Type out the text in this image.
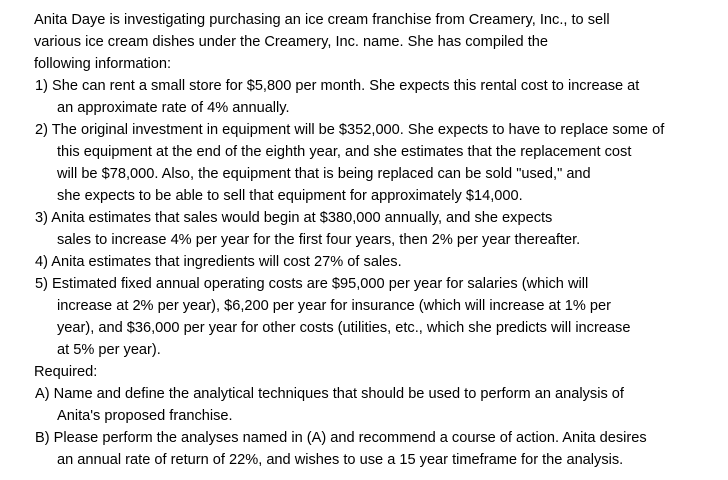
Anita Daye is investigating purchasing an ice cream franchise from Creamery, Inc., to sell
various ice cream dishes under the Creamery, Inc. name. She has compiled the
following information:
1) She can rent a small store for $5,800 per month. She expects this rental cost to increase at
an approximate rate of 4% annually.
2) The original investment in equipment will be $352,000. She expects to have to replace some of
this equipment at the end of the eighth year, and she estimates that the replacement cost
will be $78,000. Also, the equipment that is being replaced can be sold "used," and
she expects to be able to sell that equipment for approximately $14,000.
3) Anita estimates that sales would begin at $380,000 annually, and she expects
sales to increase 4% per year for the first four years, then 2% per year thereafter.
4) Anita estimates that ingredients will cost 27% of sales.
5) Estimated fixed annual operating costs are $95,000 per year for salaries (which will
increase at 2% per year), $6,200 per year for insurance (which will increase at 1% per
year), and $36,000 per year for other costs (utilities, etc., which she predicts will increase
at 5% per year).
Required:
A) Name and define the analytical techniques that should be used to perform an analysis of
Anita's proposed franchise.
B) Please perform the analyses named in (A) and recommend a course of action. Anita desires
an annual rate of return of 22%, and wishes to use a 15 year timeframe for the analysis.
